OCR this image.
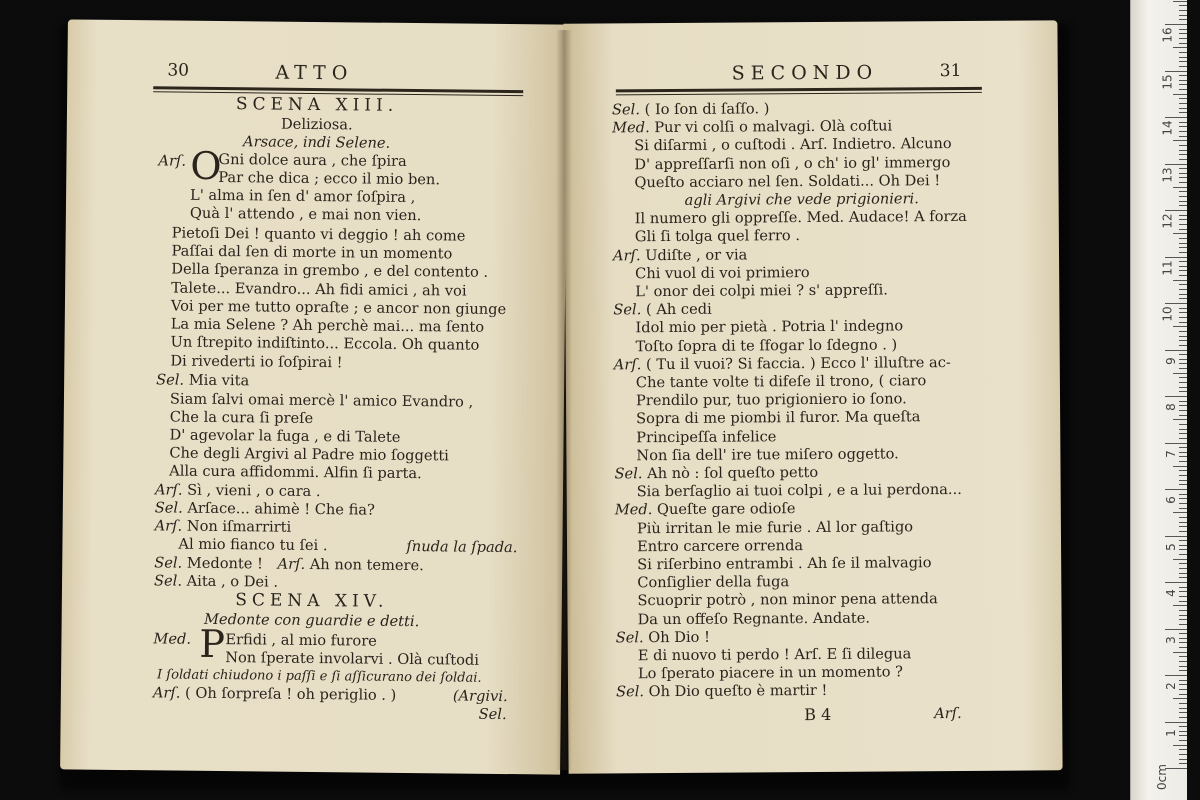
30	ATTO
SCENA XIII.
Deliziosa.
Arsace, indi Selene.
Arſ. O
Gni dolce aura , che ſpira
Par che dica ; ecco il mio ben.
L' alma in ſen d' amor ſoſpira ,
Quà l' attendo , e mai non vien.
Pietoſi Dei ! quanto vi deggio ! ah come
Paſſai dal ſen di morte in un momento
Della ſperanza in grembo , e del contento .
Talete... Evandro... Ah fidi amici , ah voi
Voi per me tutto opraſte ; e ancor non giunge
La mia Selene ? Ah perchè mai... ma ſento
Un ſtrepito indiſtinto... Eccola. Oh quanto
Di rivederti io ſoſpirai !
Sel. Mia vita
Siam ſalvi omai mercè l' amico Evandro ,
Che la cura ſi preſe
D' agevolar la fuga , e di Talete
Che degli Argivi al Padre mio ſoggetti
Alla cura affidommi. Alfin ſi parta.
Arſ. Sì , vieni , o cara .
Sel. Arſace... ahimè ! Che fia?
Arſ. Non iſmarrirti
Al mio fianco tu ſei .	ſnuda la ſpada.
Sel. Medonte ! Arſ. Ah non temere.
Sel. Aita , o Dei .
SCENA XIV.
Medonte con guardie e detti.
Med. P Erfidi , al mio furore
Non ſperate involarvi . Olà cuſtodi
I ſoldati chiudono i paſſi e ſi aſſicurano dei ſoldai.
Arſ. ( Oh ſorpreſa ! oh periglio . )	(Argivi.
Sel.
SECONDO	31
Sel. ( Io ſon di ſaſſo. )
Med. Pur vi colſi o malvagi. Olà coſtui
Si diſarmi , o cuſtodi . Arſ. Indietro. Alcuno
D' appreſſarſi non oſi , o ch' io gl' immergo
Queſto acciaro nel ſen. Soldati... Oh Dei !
agli Argivi che vede prigionieri.
Il numero gli oppreſſe. Med. Audace! A forza
Gli ſi tolga quel ferro .
Arſ. Udiſte , or via
Chi vuol di voi primiero
L' onor dei colpi miei ? s' appreſſi.
Sel. ( Ah cedi
Idol mio per pietà . Potria l' indegno
Toſto ſopra di te ſfogar lo ſdegno . )
Arſ. ( Tu il vuoi? Si faccia. ) Ecco l' illuſtre ac-
Che tante volte ti difeſe il trono, ( ciaro
Prendilo pur, tuo prigioniero io ſono.
Sopra di me piombi il furor. Ma queſta
Principeſſa infelice
Non ſia dell' ire tue miſero oggetto.
Sel. Ah nò : ſol queſto petto
Sia berſaglio ai tuoi colpi , e a lui perdona...
Med. Queſte gare odioſe
Più irritan le mie furie . Al lor gaſtigo
Entro carcere orrenda
Si riſerbino entrambi . Ah ſe il malvagio
Conſiglier della fuga
Scuoprir potrò , non minor pena attenda
Da un offeſo Regnante. Andate.
Sel. Oh Dio !
E di nuovo ti perdo ! Arſ. E ſi dilegua
Lo ſperato piacere in un momento ?
Sel. Oh Dio queſto è martir !
B 4	Arſ.
1
2
3
4
5
6
7
8
9
10
11
12
13
14
15
16
0cm
